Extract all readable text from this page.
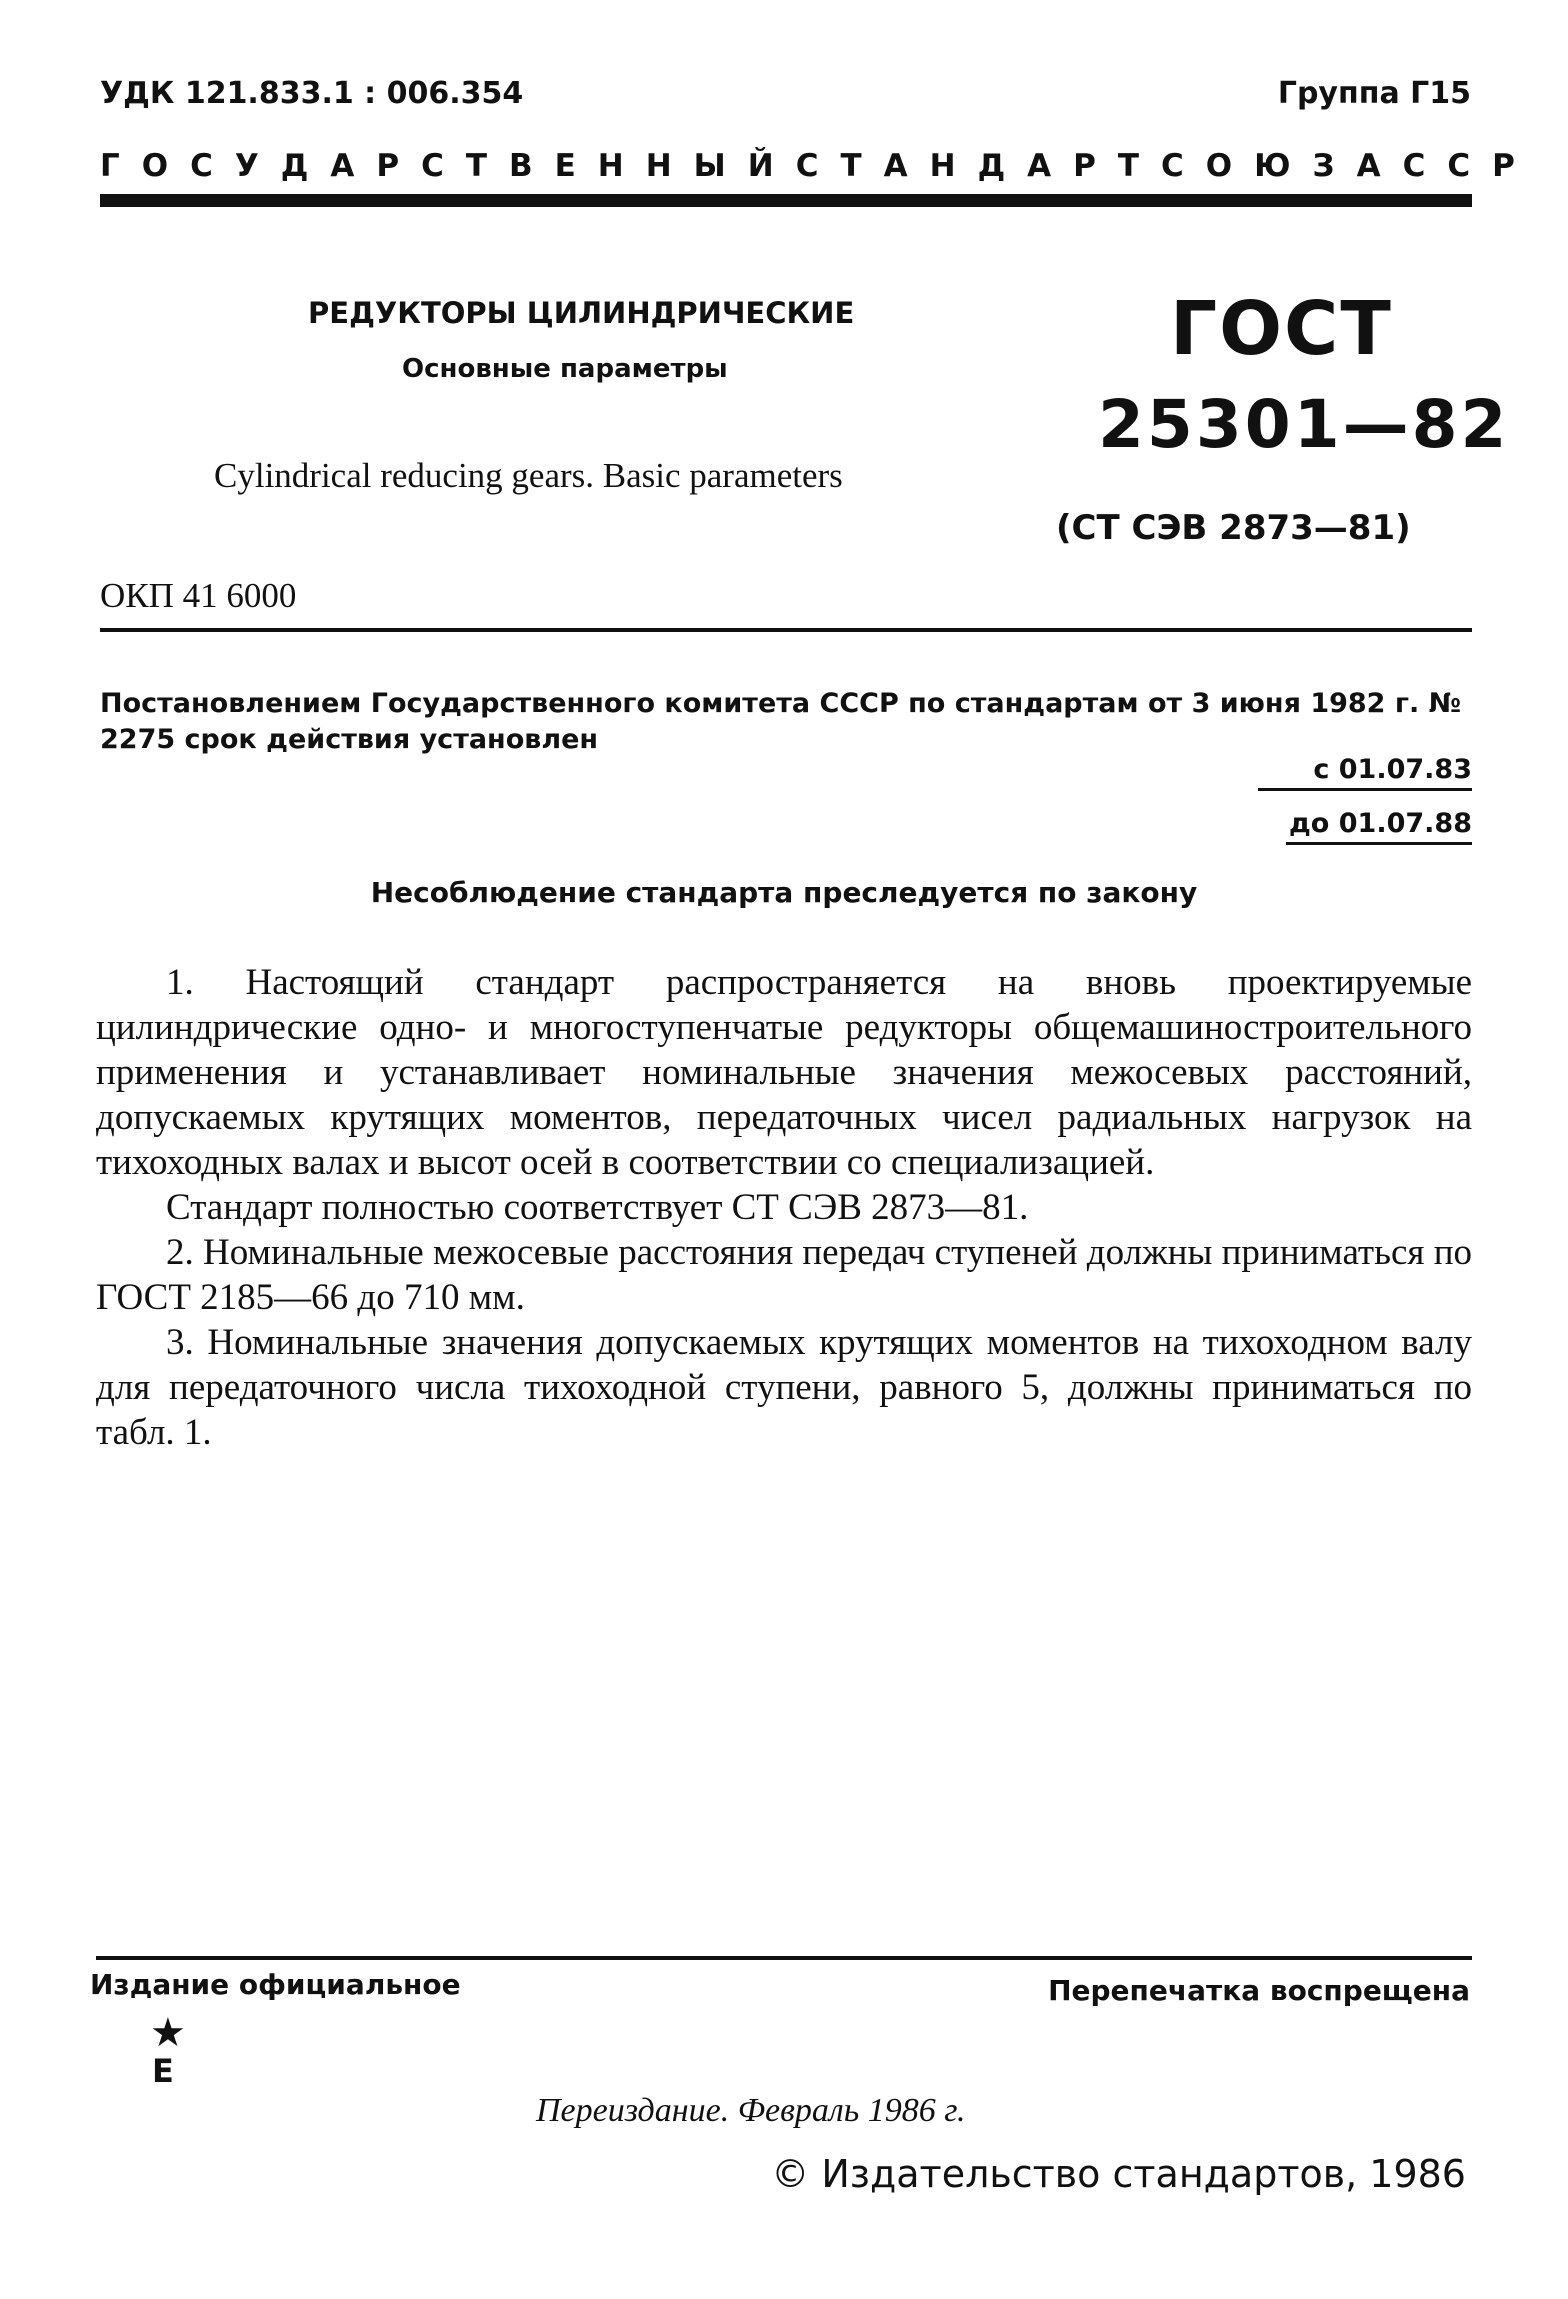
УДК 121.833.1 : 006.354	Группа Г15
ГОСУДАРСТВЕННЫЙ СТАНДАРТ СОЮЗА ССР
РЕДУКТОРЫ ЦИЛИНДРИЧЕСКИЕ
Основные параметры
Cylindrical reducing gears. Basic parameters
ОКП 41 6000
ГОСТ
25301—82
(СТ СЭВ 2873—81)
Постановлением Государственного комитета СССР по стандартам от 3 июня 1982 г. № 2275 срок действия установлен
с 01.07.83
до 01.07.88
Несоблюдение стандарта преследуется по закону

1. Настоящий стандарт распространяется на вновь проектируемые цилиндрические одно- и многоступенчатые редукторы общемашиностроительного применения и устанавливает номинальные значения межосевых расстояний, допускаемых крутящих моментов, передаточных чисел радиальных нагрузок на тихоходных валах и высот осей в соответствии со специализацией.

Стандарт полностью соответствует СТ СЭВ 2873—81.

2. Номинальные межосевые расстояния передач ступеней должны приниматься по ГОСТ 2185—66 до 710 мм.

3. Номинальные значения допускаемых крутящих моментов на тихоходном валу для передаточного числа тихоходной ступени, равного 5, должны приниматься по табл. 1.

Издание официальное	Перепечатка воспрещена
★
Е
Переиздание. Февраль 1986 г.
© Издательство стандартов, 1986
